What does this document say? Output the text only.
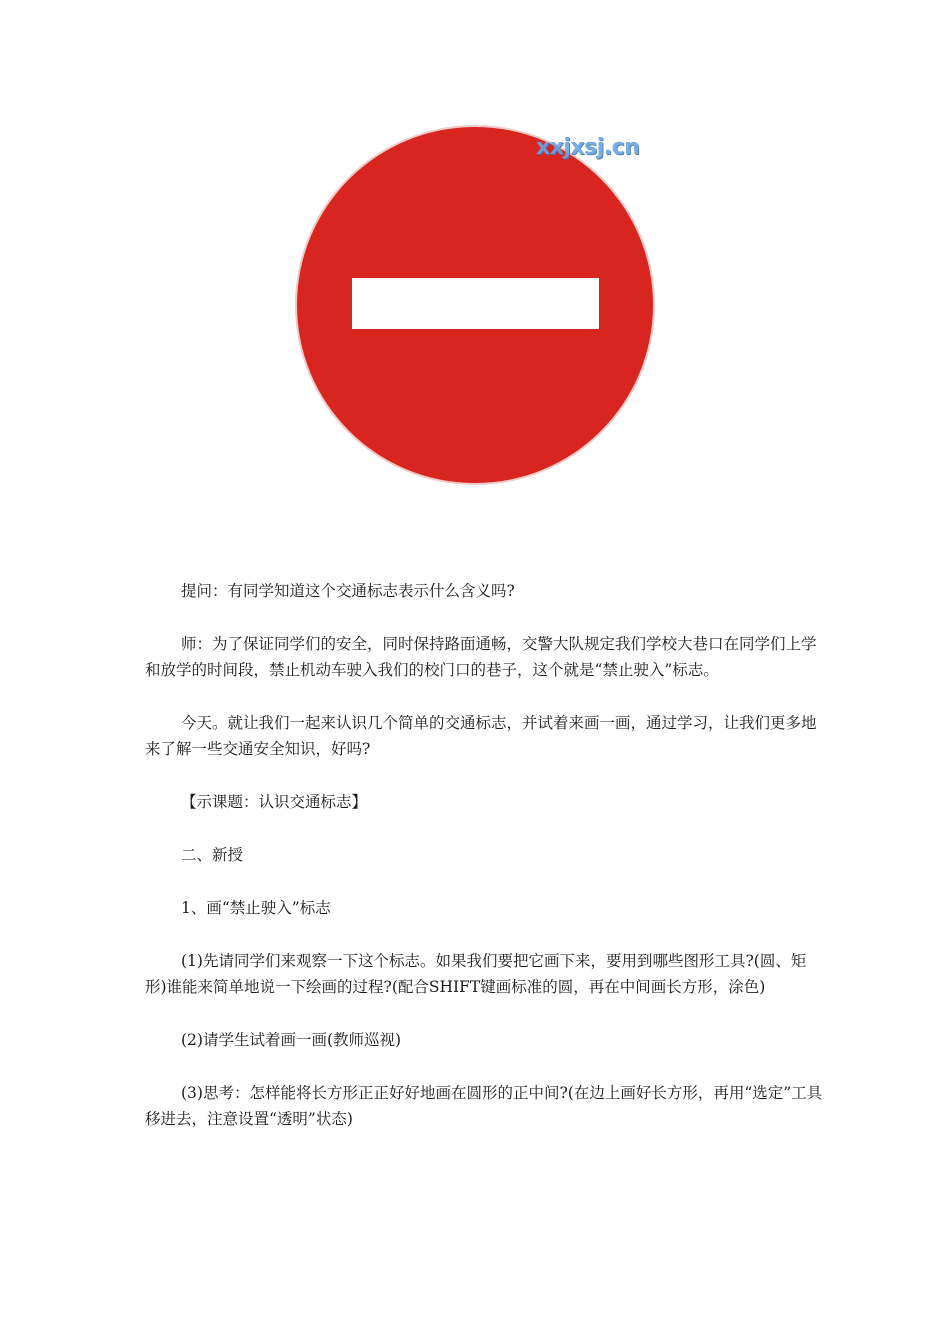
xxjxsj.cn

提问：有同学知道这个交通标志表示什么含义吗?

师：为了保证同学们的安全，同时保持路面通畅，交警大队规定我们学校大巷口在同学们上学和放学的时间段，禁止机动车驶入我们的校门口的巷子，这个就是“禁止驶入”标志。

今天。就让我们一起来认识几个简单的交通标志，并试着来画一画，通过学习，让我们更多地来了解一些交通安全知识，好吗?

【示课题：认识交通标志】

二、新授

1、画“禁止驶入”标志

(1)先请同学们来观察一下这个标志。如果我们要把它画下来，要用到哪些图形工具?(圆、矩形)谁能来简单地说一下绘画的过程?(配合SHIFT键画标准的圆，再在中间画长方形，涂色)

(2)请学生试着画一画(教师巡视)

(3)思考：怎样能将长方形正正好好地画在圆形的正中间?(在边上画好长方形，再用“选定”工具移进去，注意设置“透明”状态)
